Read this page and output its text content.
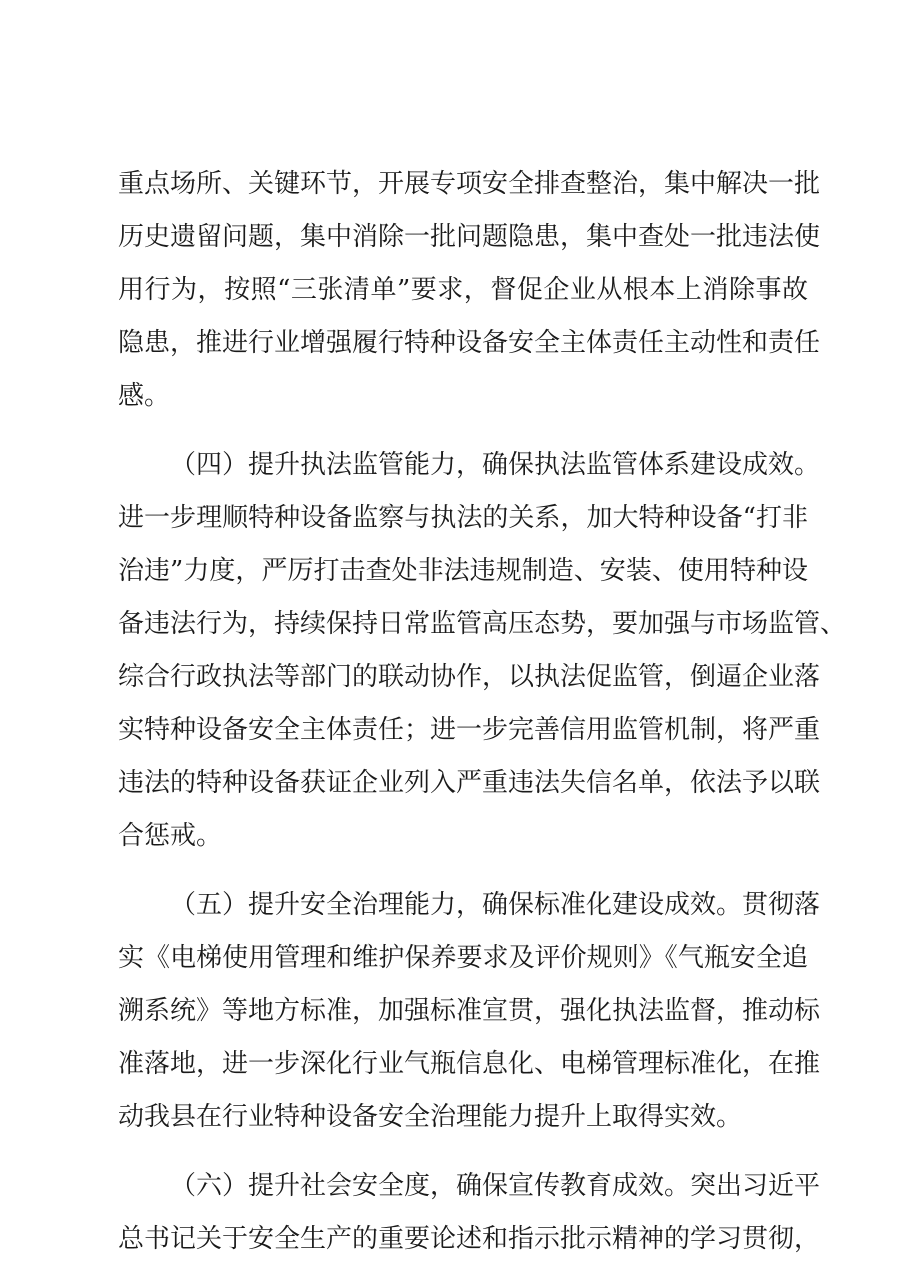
重点场所、关键环节，开展专项安全排查整治，集中解决一批
历史遗留问题，集中消除一批问题隐患，集中查处一批违法使
用行为，按照“三张清单”要求，督促企业从根本上消除事故
隐患，推进行业增强履行特种设备安全主体责任主动性和责任
感。
（四）提升执法监管能力，确保执法监管体系建设成效。
进一步理顺特种设备监察与执法的关系，加大特种设备“打非
治违”力度，严厉打击查处非法违规制造、安装、使用特种设
备违法行为，持续保持日常监管高压态势，要加强与市场监管、
综合行政执法等部门的联动协作，以执法促监管，倒逼企业落
实特种设备安全主体责任；进一步完善信用监管机制，将严重
违法的特种设备获证企业列入严重违法失信名单，依法予以联
合惩戒。
（五）提升安全治理能力，确保标准化建设成效。贯彻落
实《电梯使用管理和维护保养要求及评价规则》《气瓶安全追
溯系统》等地方标准，加强标准宣贯，强化执法监督，推动标
准落地，进一步深化行业气瓶信息化、电梯管理标准化，在推
动我县在行业特种设备安全治理能力提升上取得实效。
（六）提升社会安全度，确保宣传教育成效。突出习近平
总书记关于安全生产的重要论述和指示批示精神的学习贯彻，
